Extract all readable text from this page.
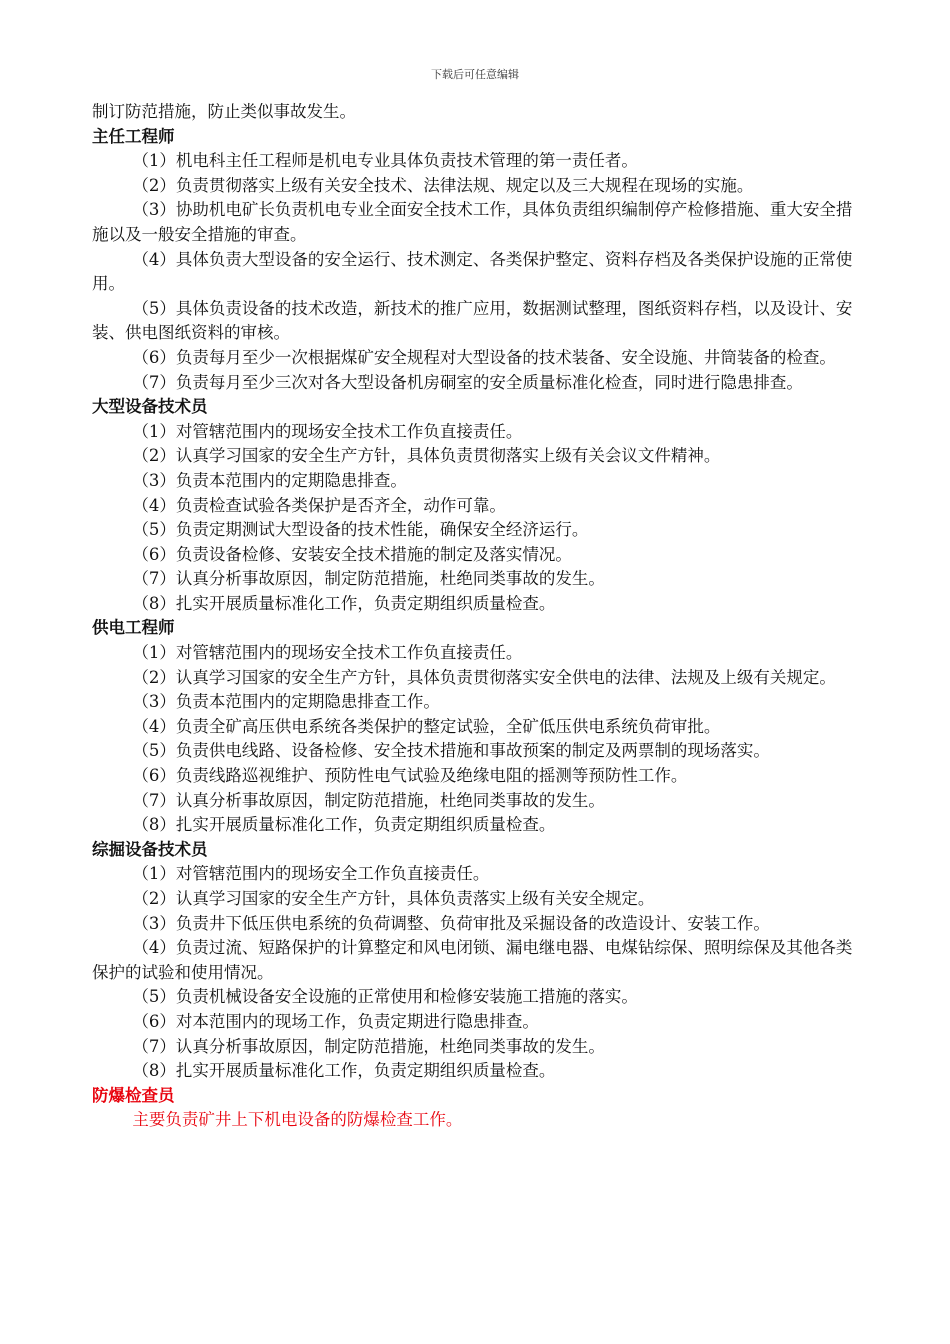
下载后可任意编辑

制订防范措施，防止类似事故发生。

主任工程师

（1）机电科主任工程师是机电专业具体负责技术管理的第一责任者。

（2）负责贯彻落实上级有关安全技术、法律法规、规定以及三大规程在现场的实施。

（3）协助机电矿长负责机电专业全面安全技术工作，具体负责组织编制停产检修措施、重大安全措施以及一般安全措施的审查。

（4）具体负责大型设备的安全运行、技术测定、各类保护整定、资料存档及各类保护设施的正常使用。

（5）具体负责设备的技术改造，新技术的推广应用，数据测试整理，图纸资料存档，以及设计、安装、供电图纸资料的审核。

（6）负责每月至少一次根据煤矿安全规程对大型设备的技术装备、安全设施、井筒装备的检查。

（7）负责每月至少三次对各大型设备机房硐室的安全质量标准化检查，同时进行隐患排查。

大型设备技术员

（1）对管辖范围内的现场安全技术工作负直接责任。

（2）认真学习国家的安全生产方针，具体负责贯彻落实上级有关会议文件精神。

（3）负责本范围内的定期隐患排查。

（4）负责检查试验各类保护是否齐全，动作可靠。

（5）负责定期测试大型设备的技术性能，确保安全经济运行。

（6）负责设备检修、安装安全技术措施的制定及落实情况。

（7）认真分析事故原因，制定防范措施，杜绝同类事故的发生。

（8）扎实开展质量标准化工作，负责定期组织质量检查。

供电工程师

（1）对管辖范围内的现场安全技术工作负直接责任。

（2）认真学习国家的安全生产方针，具体负责贯彻落实安全供电的法律、法规及上级有关规定。

（3）负责本范围内的定期隐患排查工作。

（4）负责全矿高压供电系统各类保护的整定试验，全矿低压供电系统负荷审批。

（5）负责供电线路、设备检修、安全技术措施和事故预案的制定及两票制的现场落实。

（6）负责线路巡视维护、预防性电气试验及绝缘电阻的摇测等预防性工作。

（7）认真分析事故原因，制定防范措施，杜绝同类事故的发生。

（8）扎实开展质量标准化工作，负责定期组织质量检查。

综掘设备技术员

（1）对管辖范围内的现场安全工作负直接责任。

（2）认真学习国家的安全生产方针，具体负责落实上级有关安全规定。

（3）负责井下低压供电系统的负荷调整、负荷审批及采掘设备的改造设计、安装工作。

（4）负责过流、短路保护的计算整定和风电闭锁、漏电继电器、电煤钻综保、照明综保及其他各类保护的试验和使用情况。

（5）负责机械设备安全设施的正常使用和检修安装施工措施的落实。

（6）对本范围内的现场工作，负责定期进行隐患排查。

（7）认真分析事故原因，制定防范措施，杜绝同类事故的发生。

（8）扎实开展质量标准化工作，负责定期组织质量检查。

防爆检查员

主要负责矿井上下机电设备的防爆检查工作。
